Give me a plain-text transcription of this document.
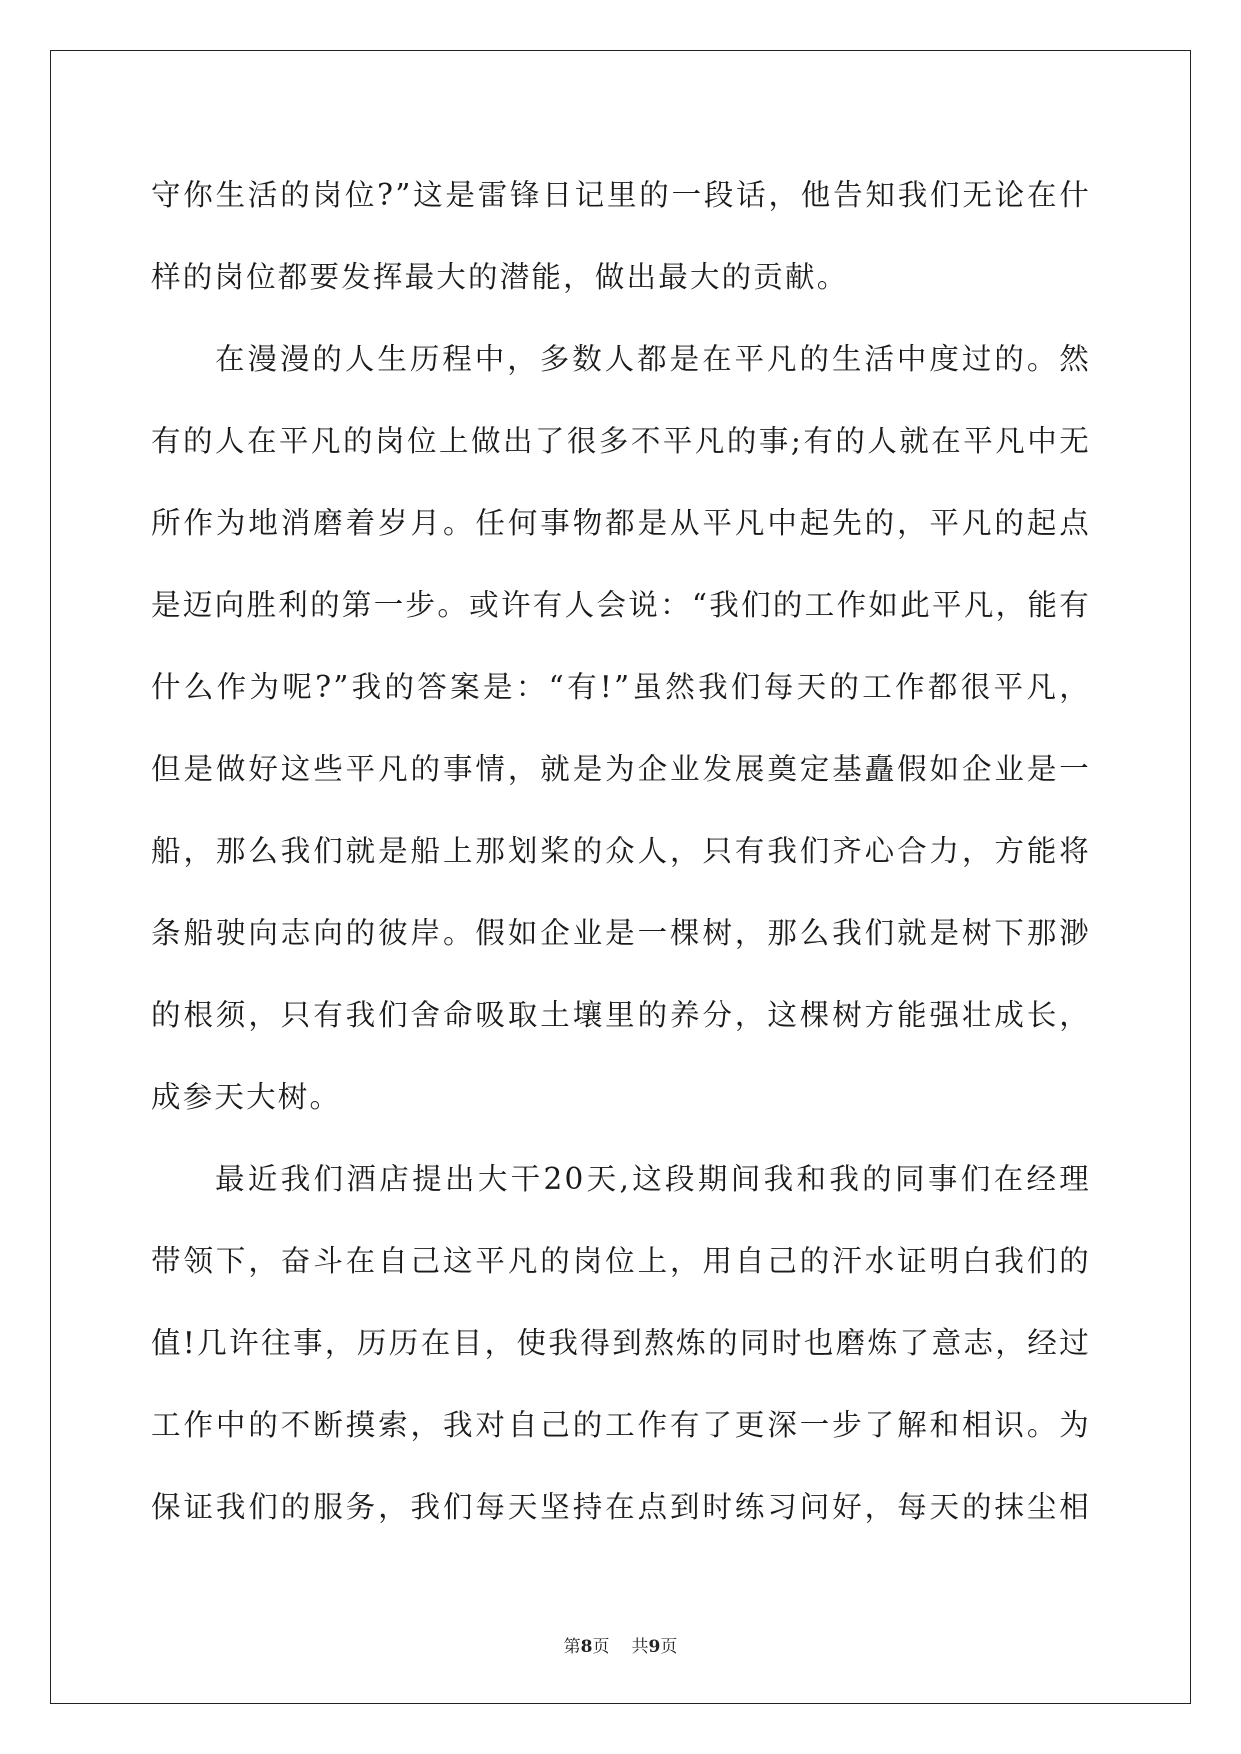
守你生活的岗位?”这是雷锋日记里的一段话，他告知我们无论在什
样的岗位都要发挥最大的潜能，做出最大的贡献。
在漫漫的人生历程中，多数人都是在平凡的生活中度过的。然
有的人在平凡的岗位上做出了很多不平凡的事;有的人就在平凡中无
所作为地消磨着岁月。任何事物都是从平凡中起先的，平凡的起点
是迈向胜利的第一步。或许有人会说：“我们的工作如此平凡，能有
什么作为呢?”我的答案是：“有!”虽然我们每天的工作都很平凡，
但是做好这些平凡的事情，就是为企业发展奠定基矗假如企业是一
船，那么我们就是船上那划桨的众人，只有我们齐心合力，方能将
条船驶向志向的彼岸。假如企业是一棵树，那么我们就是树下那渺
的根须，只有我们舍命吸取土壤里的养分，这棵树方能强壮成长，
成参天大树。
最近我们酒店提出大干20天,这段期间我和我的同事们在经理
带领下，奋斗在自己这平凡的岗位上，用自己的汗水证明白我们的
值!几许往事，历历在目，使我得到熬炼的同时也磨炼了意志，经过
工作中的不断摸索，我对自己的工作有了更深一步了解和相识。为
保证我们的服务，我们每天坚持在点到时练习问好，每天的抹尘相
第8页 共9页
